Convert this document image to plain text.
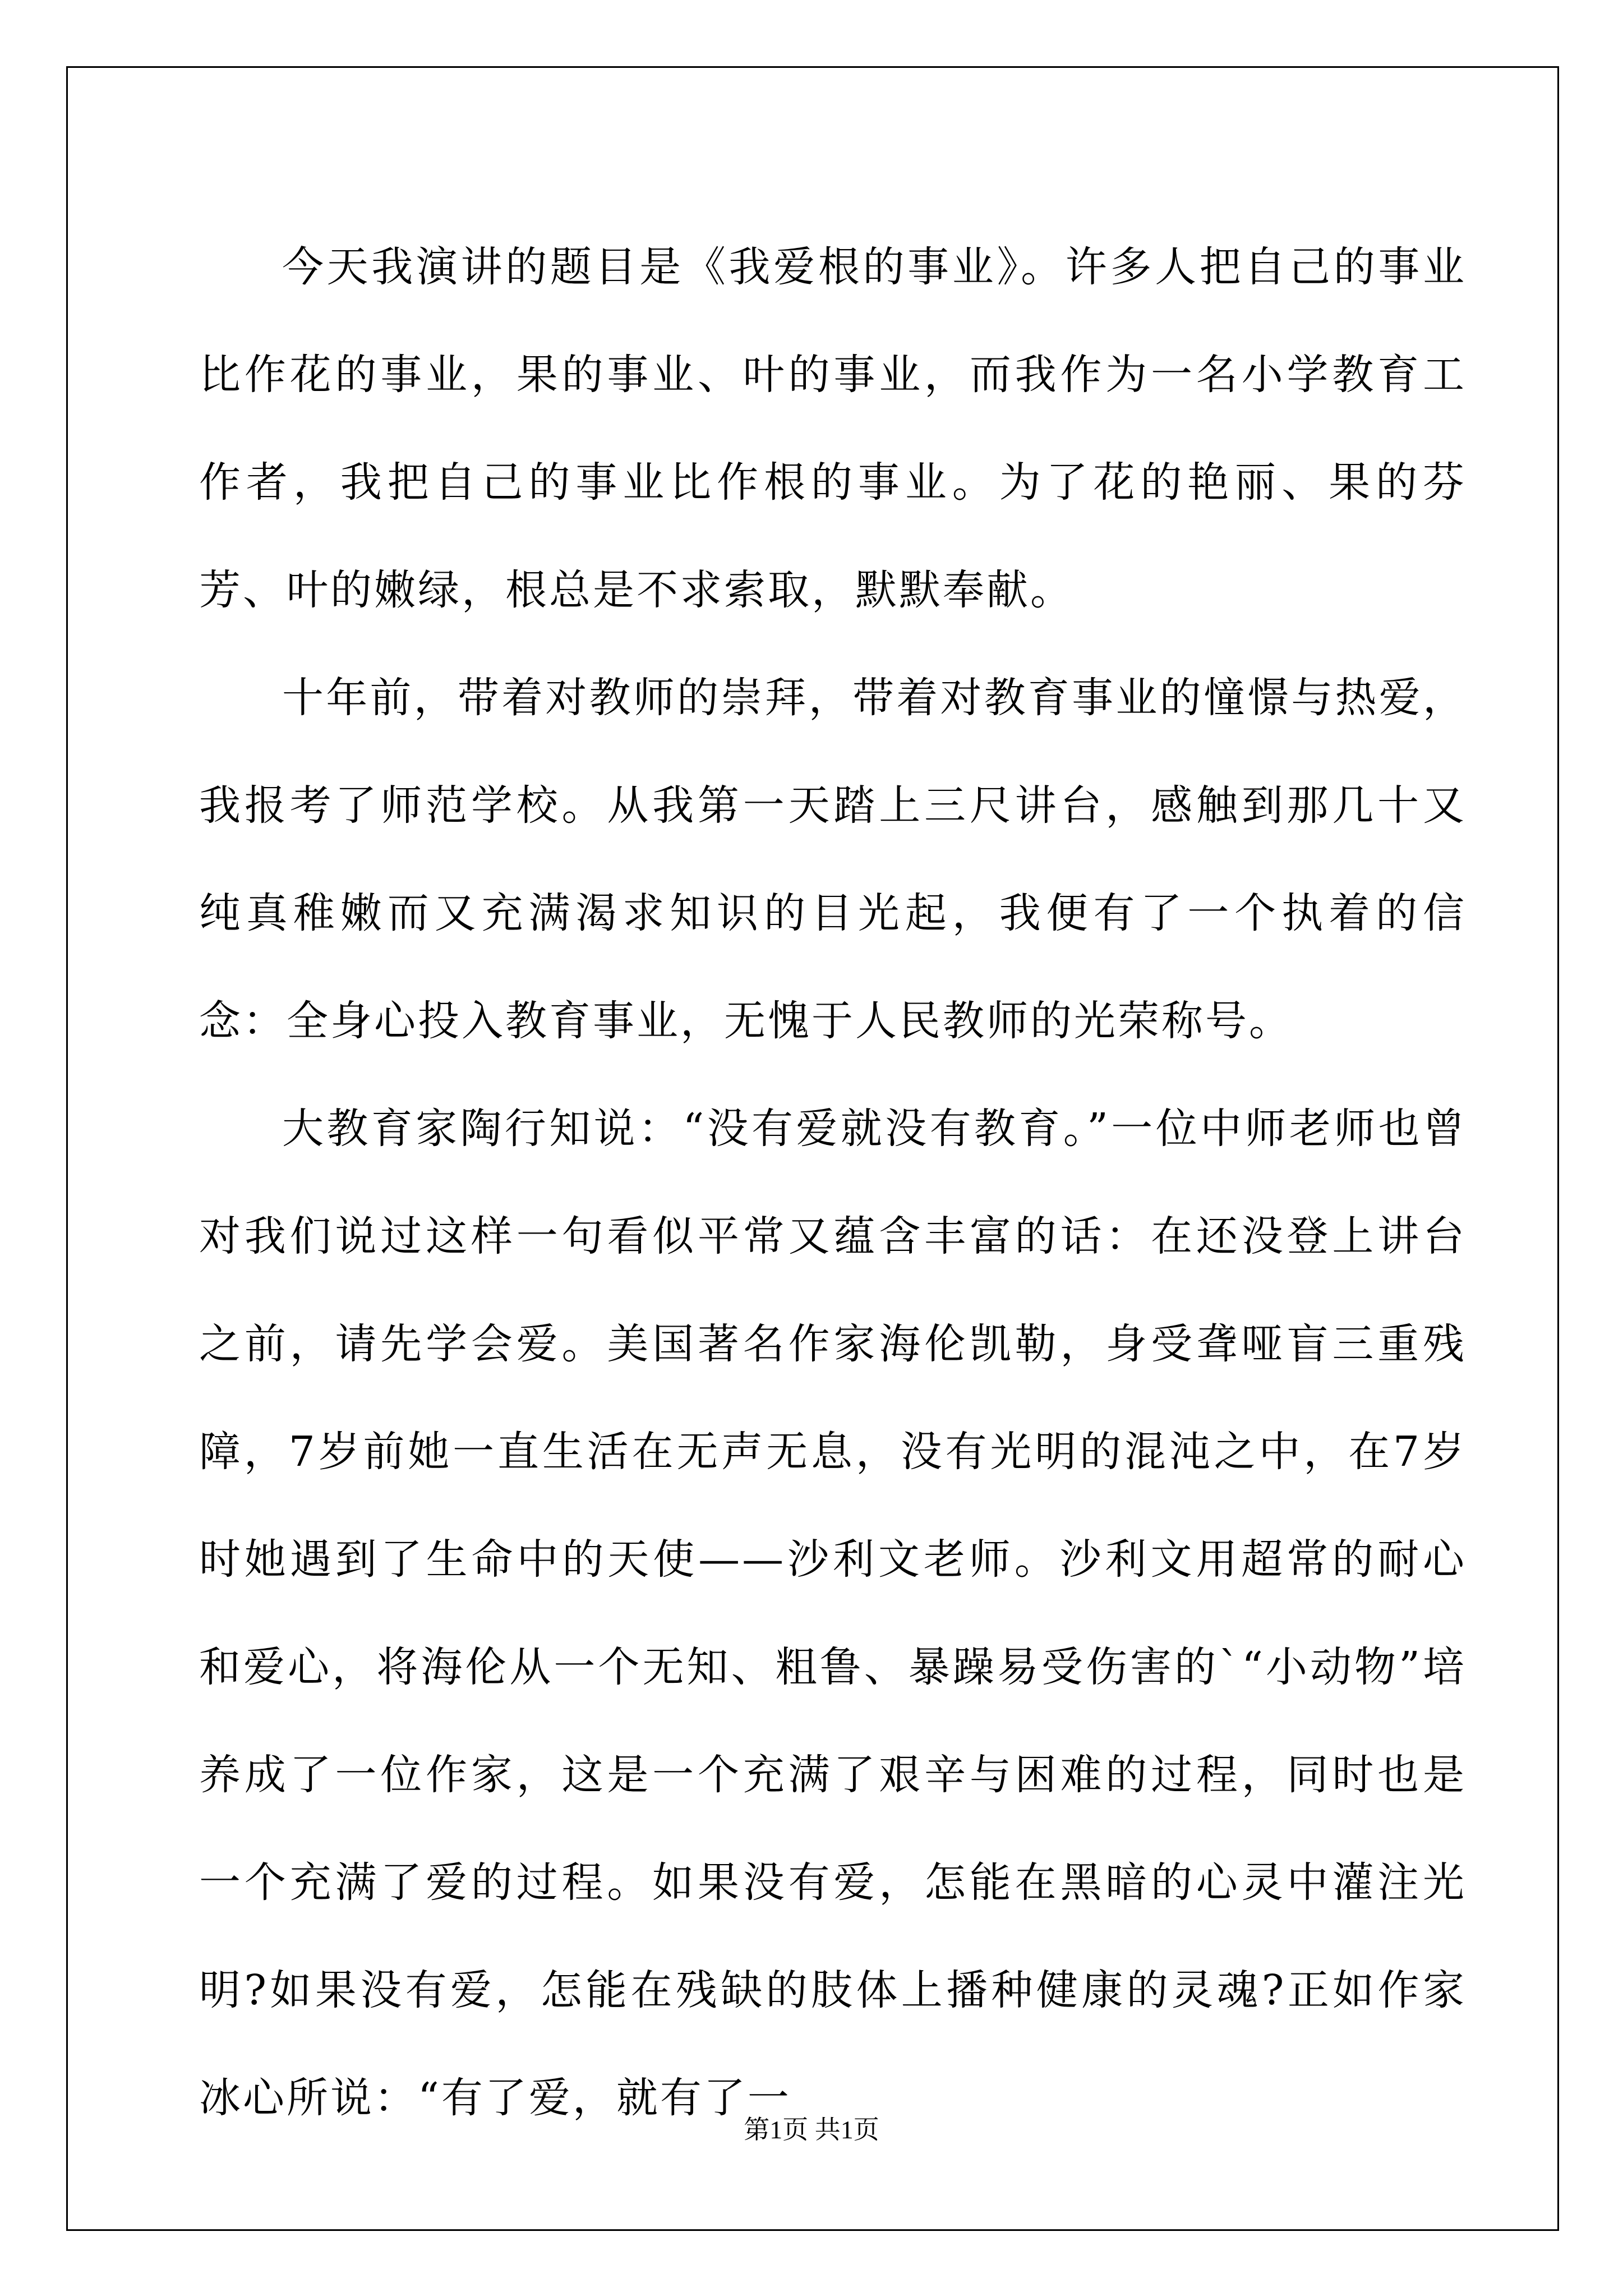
今天我演讲的题目是《我爱根的事业》。许多人把自己的事业比作花的事业，果的事业、叶的事业，而我作为一名小学教育工作者，我把自己的事业比作根的事业。为了花的艳丽、果的芬芳、叶的嫩绿，根总是不求索取，默默奉献。

十年前，带着对教师的崇拜，带着对教育事业的憧憬与热爱，我报考了师范学校。从我第一天踏上三尺讲台，感触到那几十又纯真稚嫩而又充满渴求知识的目光起，我便有了一个执着的信念：全身心投入教育事业，无愧于人民教师的光荣称号。

大教育家陶行知说：“没有爱就没有教育。”一位中师老师也曾对我们说过这样一句看似平常又蕴含丰富的话：在还没登上讲台之前，请先学会爱。美国著名作家海伦凯勒，身受聋哑盲三重残障，7岁前她一直生活在无声无息，没有光明的混沌之中，在7岁时她遇到了生命中的天使——沙利文老师。沙利文用超常的耐心和爱心，将海伦从一个无知、粗鲁、暴躁易受伤害的`“小动物”培养成了一位作家，这是一个充满了艰辛与困难的过程，同时也是一个充满了爱的过程。如果没有爱，怎能在黑暗的心灵中灌注光明?如果没有爱，怎能在残缺的肢体上播种健康的灵魂?正如作家冰心所说：“有了爱，就有了一

第1页 共1页
